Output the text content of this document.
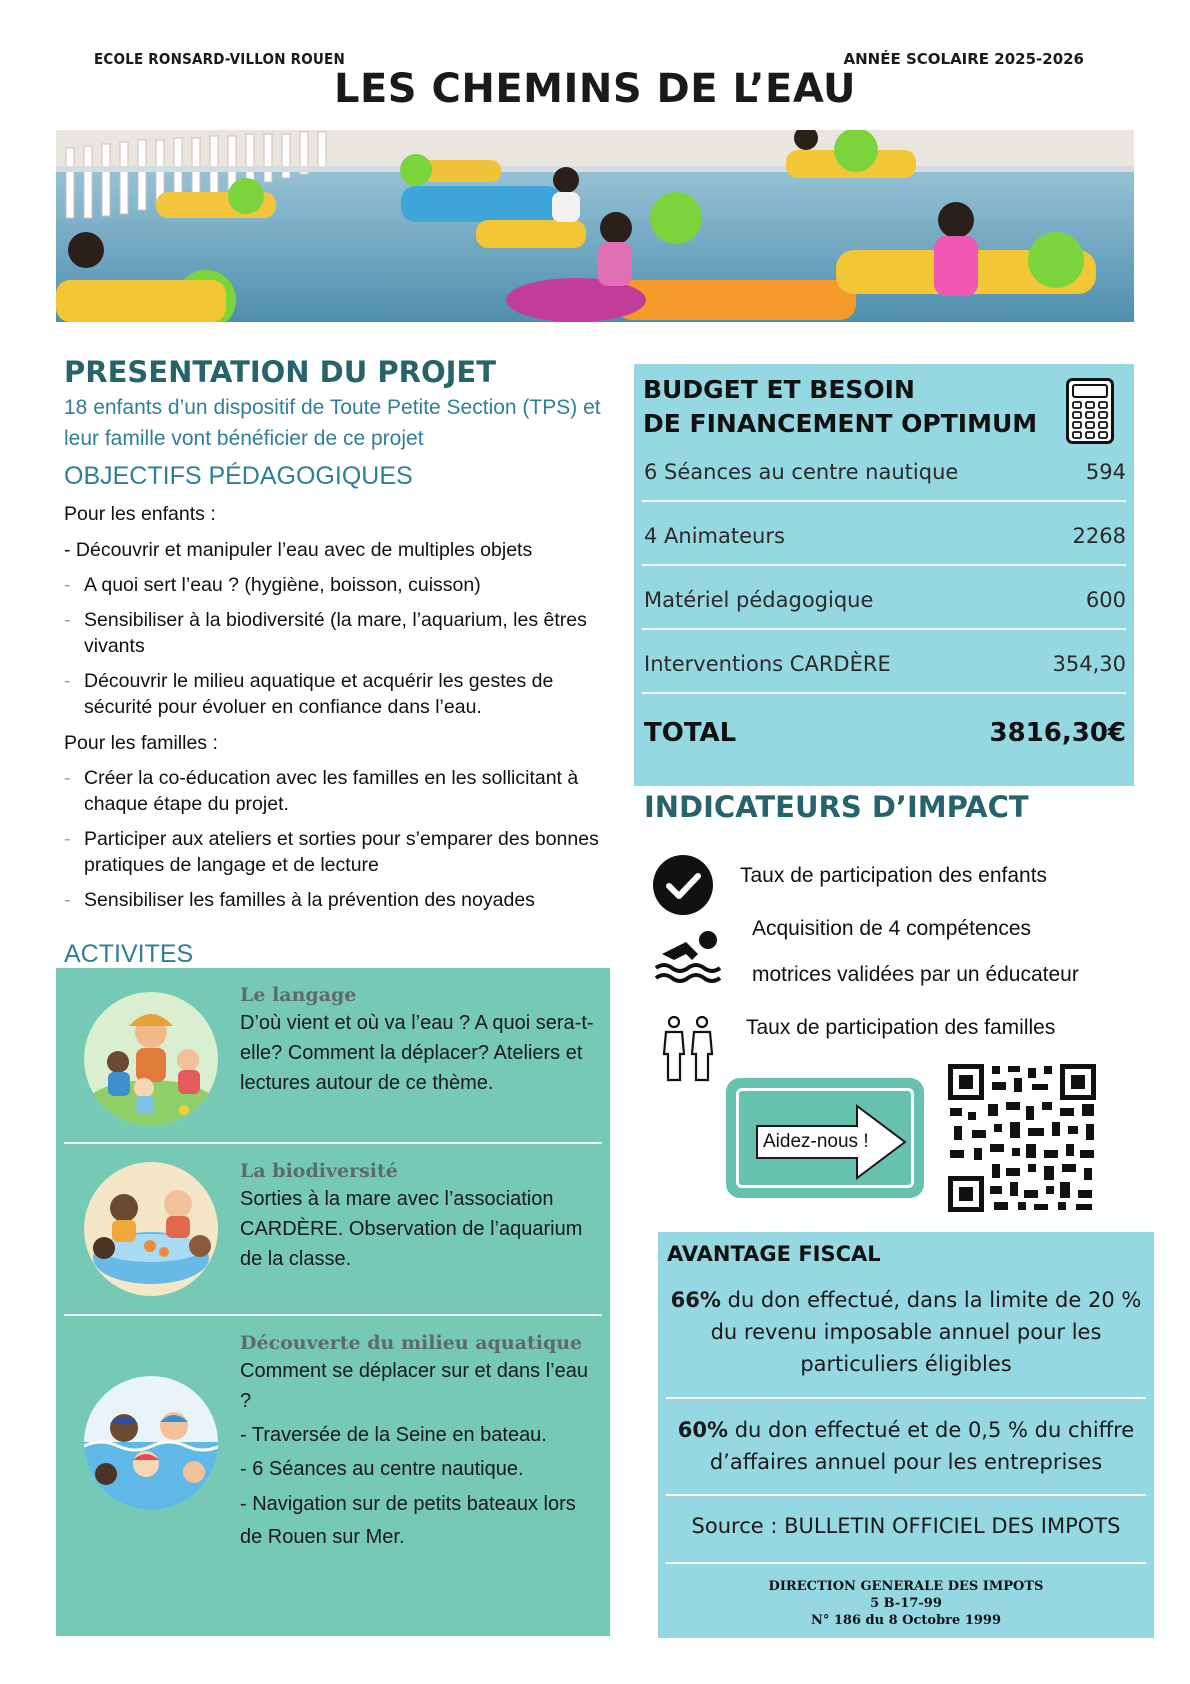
ECOLE RONSARD-VILLON ROUEN	ANNÉE SCOLAIRE 2025-2026
LES CHEMINS DE L’EAU
PRESENTATION DU PROJET
18 enfants d’un dispositif de Toute Petite Section (TPS) et leur famille vont bénéficier de ce projet
OBJECTIFS PÉDAGOGIQUES
Pour les enfants :
- Découvrir et manipuler l’eau avec de multiples objets
- A quoi sert l’eau ? (hygiène, boisson, cuisson)
- Sensibiliser à la biodiversité (la mare, l’aquarium, les êtres vivants
- Découvrir le milieu aquatique et acquérir les gestes de sécurité pour évoluer en confiance dans l’eau.
Pour les familles :
- Créer la co-éducation avec les familles en les sollicitant à chaque étape du projet.
- Participer aux ateliers et sorties pour s’emparer des bonnes pratiques de langage et de lecture
- Sensibiliser les familles à la prévention des noyades
ACTIVITES
Le langage
D’où vient et où va l’eau ? A quoi sera-t-elle? Comment la déplacer? Ateliers et lectures autour de ce thème.
La biodiversité
Sorties à la mare avec l’association CARDÈRE. Observation de l’aquarium de la classe.
Découverte du milieu aquatique
Comment se déplacer sur et dans l’eau ?
- Traversée de la Seine en bateau.
- 6 Séances au centre nautique.
- Navigation sur de petits bateaux lors de Rouen sur Mer.
BUDGET ET BESOIN
DE FINANCEMENT OPTIMUM
6 Séances au centre nautique	594
4 Animateurs	2268
Matériel pédagogique	600
Interventions CARDÈRE	354,30
TOTAL	3816,30€
INDICATEURS D’IMPACT
Taux de participation des enfants
Acquisition de 4 compétences
motrices validées par un éducateur
Taux de participation des familles
Aidez-nous !
AVANTAGE FISCAL
66% du don effectué, dans la limite de 20 % du revenu imposable annuel pour les particuliers éligibles
60% du don effectué et de 0,5 % du chiffre d’affaires annuel pour les entreprises
Source : BULLETIN OFFICIEL DES IMPOTS
DIRECTION GENERALE DES IMPOTS
5 B-17-99
N° 186 du 8 Octobre 1999
